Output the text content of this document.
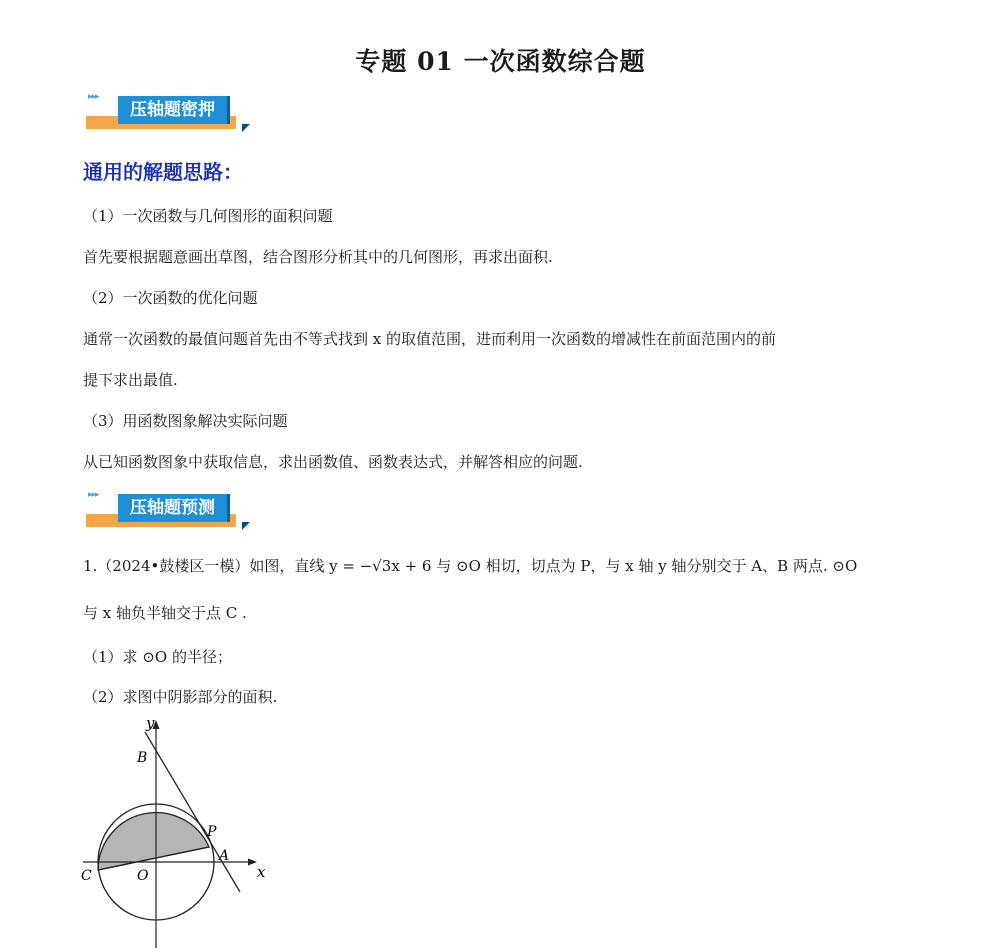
专题 01 一次函数综合题
▸▸▸
压轴题密押
通用的解题思路：
（1）一次函数与几何图形的面积问题
首先要根据题意画出草图，结合图形分析其中的几何图形，再求出面积.
（2）一次函数的优化问题
通常一次函数的最值问题首先由不等式找到 x 的取值范围，进而利用一次函数的增减性在前面范围内的前
提下求出最值.
（3）用函数图象解决实际问题
从已知函数图象中获取信息，求出函数值、函数表达式，并解答相应的问题.
▸▸▸
压轴题预测
1.（2024•鼓楼区一模）如图，直线 y = −√3x + 6 与 ⊙O 相切，切点为 P，与 x 轴 y 轴分别交于 A、B 两点. ⊙O
与 x 轴负半轴交于点 C .
（1）求 ⊙O 的半径；
（2）求图中阴影部分的面积.
y
x
B
P
A
C	O
